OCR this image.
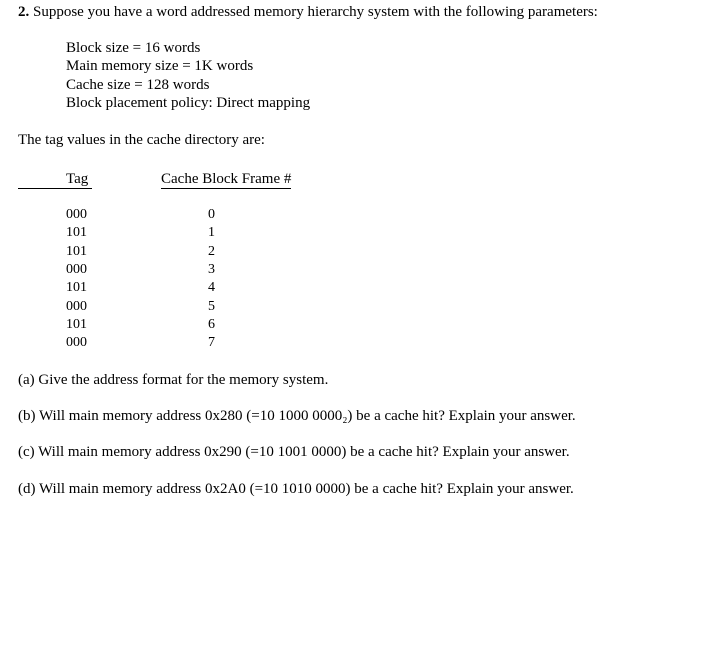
2. Suppose you have a word addressed memory hierarchy system with the following parameters:
Block size = 16 words
Main memory size = 1K words
Cache size = 128 words
Block placement policy: Direct mapping
The tag values in the cache directory are:
Tag	Cache Block Frame #
000	0
101	1
101	2
000	3
101	4
000	5
101	6
000	7
(a) Give the address format for the memory system.
(b) Will main memory address 0x280 (=10 1000 0000₂) be a cache hit? Explain your answer.
(c) Will main memory address 0x290 (=10 1001 0000) be a cache hit? Explain your answer.
(d) Will main memory address 0x2A0 (=10 1010 0000) be a cache hit? Explain your answer.
